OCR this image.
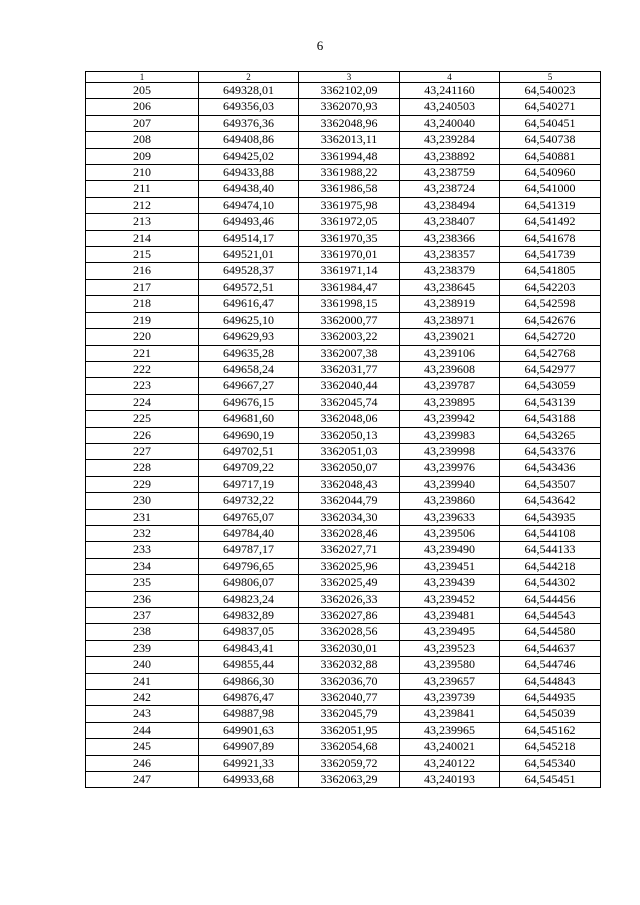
6
1	2	3	4	5
205	649328,01	3362102,09	43,241160	64,540023
206	649356,03	3362070,93	43,240503	64,540271
207	649376,36	3362048,96	43,240040	64,540451
208	649408,86	3362013,11	43,239284	64,540738
209	649425,02	3361994,48	43,238892	64,540881
210	649433,88	3361988,22	43,238759	64,540960
211	649438,40	3361986,58	43,238724	64,541000
212	649474,10	3361975,98	43,238494	64,541319
213	649493,46	3361972,05	43,238407	64,541492
214	649514,17	3361970,35	43,238366	64,541678
215	649521,01	3361970,01	43,238357	64,541739
216	649528,37	3361971,14	43,238379	64,541805
217	649572,51	3361984,47	43,238645	64,542203
218	649616,47	3361998,15	43,238919	64,542598
219	649625,10	3362000,77	43,238971	64,542676
220	649629,93	3362003,22	43,239021	64,542720
221	649635,28	3362007,38	43,239106	64,542768
222	649658,24	3362031,77	43,239608	64,542977
223	649667,27	3362040,44	43,239787	64,543059
224	649676,15	3362045,74	43,239895	64,543139
225	649681,60	3362048,06	43,239942	64,543188
226	649690,19	3362050,13	43,239983	64,543265
227	649702,51	3362051,03	43,239998	64,543376
228	649709,22	3362050,07	43,239976	64,543436
229	649717,19	3362048,43	43,239940	64,543507
230	649732,22	3362044,79	43,239860	64,543642
231	649765,07	3362034,30	43,239633	64,543935
232	649784,40	3362028,46	43,239506	64,544108
233	649787,17	3362027,71	43,239490	64,544133
234	649796,65	3362025,96	43,239451	64,544218
235	649806,07	3362025,49	43,239439	64,544302
236	649823,24	3362026,33	43,239452	64,544456
237	649832,89	3362027,86	43,239481	64,544543
238	649837,05	3362028,56	43,239495	64,544580
239	649843,41	3362030,01	43,239523	64,544637
240	649855,44	3362032,88	43,239580	64,544746
241	649866,30	3362036,70	43,239657	64,544843
242	649876,47	3362040,77	43,239739	64,544935
243	649887,98	3362045,79	43,239841	64,545039
244	649901,63	3362051,95	43,239965	64,545162
245	649907,89	3362054,68	43,240021	64,545218
246	649921,33	3362059,72	43,240122	64,545340
247	649933,68	3362063,29	43,240193	64,545451
